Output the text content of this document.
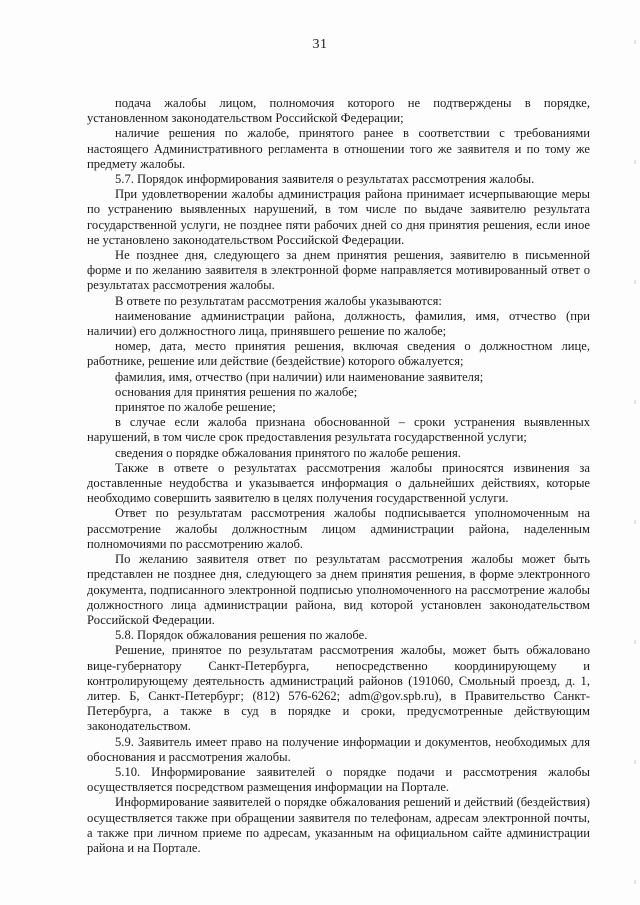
31

подача жалобы лицом, полномочия которого не подтверждены в порядке, установленном законодательством Российской Федерации;

наличие решения по жалобе, принятого ранее в соответствии с требованиями настоящего Административного регламента в отношении того же заявителя и по тому же предмету жалобы.

5.7. Порядок информирования заявителя о результатах рассмотрения жалобы.

При удовлетворении жалобы администрация района принимает исчерпывающие меры по устранению выявленных нарушений, в том числе по выдаче заявителю результата государственной услуги, не позднее пяти рабочих дней со дня принятия решения, если иное не установлено законодательством Российской Федерации.

Не позднее дня, следующего за днем принятия решения, заявителю в письменной форме и по желанию заявителя в электронной форме направляется мотивированный ответ о результатах рассмотрения жалобы.

В ответе по результатам рассмотрения жалобы указываются:

наименование администрации района, должность, фамилия, имя, отчество (при наличии) его должностного лица, принявшего решение по жалобе;

номер, дата, место принятия решения, включая сведения о должностном лице, работнике, решение или действие (бездействие) которого обжалуется;

фамилия, имя, отчество (при наличии) или наименование заявителя;

основания для принятия решения по жалобе;

принятое по жалобе решение;

в случае если жалоба признана обоснованной – сроки устранения выявленных нарушений, в том числе срок предоставления результата государственной услуги;

сведения о порядке обжалования принятого по жалобе решения.

Также в ответе о результатах рассмотрения жалобы приносятся извинения за доставленные неудобства и указывается информация о дальнейших действиях, которые необходимо совершить заявителю в целях получения государственной услуги.

Ответ по результатам рассмотрения жалобы подписывается уполномоченным на рассмотрение жалобы должностным лицом администрации района, наделенным полномочиями по рассмотрению жалоб.

По желанию заявителя ответ по результатам рассмотрения жалобы может быть представлен не позднее дня, следующего за днем принятия решения, в форме электронного документа, подписанного электронной подписью уполномоченного на рассмотрение жалобы должностного лица администрации района, вид которой установлен законодательством Российской Федерации.

5.8. Порядок обжалования решения по жалобе.

Решение, принятое по результатам рассмотрения жалобы, может быть обжаловано вице-губернатору Санкт-Петербурга, непосредственно координирующему и контролирующему деятельность администраций районов (191060, Смольный проезд, д. 1, литер. Б, Санкт-Петербург; (812) 576-6262; adm@gov.spb.ru), в Правительство Санкт-Петербурга, а также в суд в порядке и сроки, предусмотренные действующим законодательством.

5.9. Заявитель имеет право на получение информации и документов, необходимых для обоснования и рассмотрения жалобы.

5.10. Информирование заявителей о порядке подачи и рассмотрения жалобы осуществляется посредством размещения информации на Портале.

Информирование заявителей о порядке обжалования решений и действий (бездействия) осуществляется также при обращении заявителя по телефонам, адресам электронной почты, а также при личном приеме по адресам, указанным на официальном сайте администрации района и на Портале.
